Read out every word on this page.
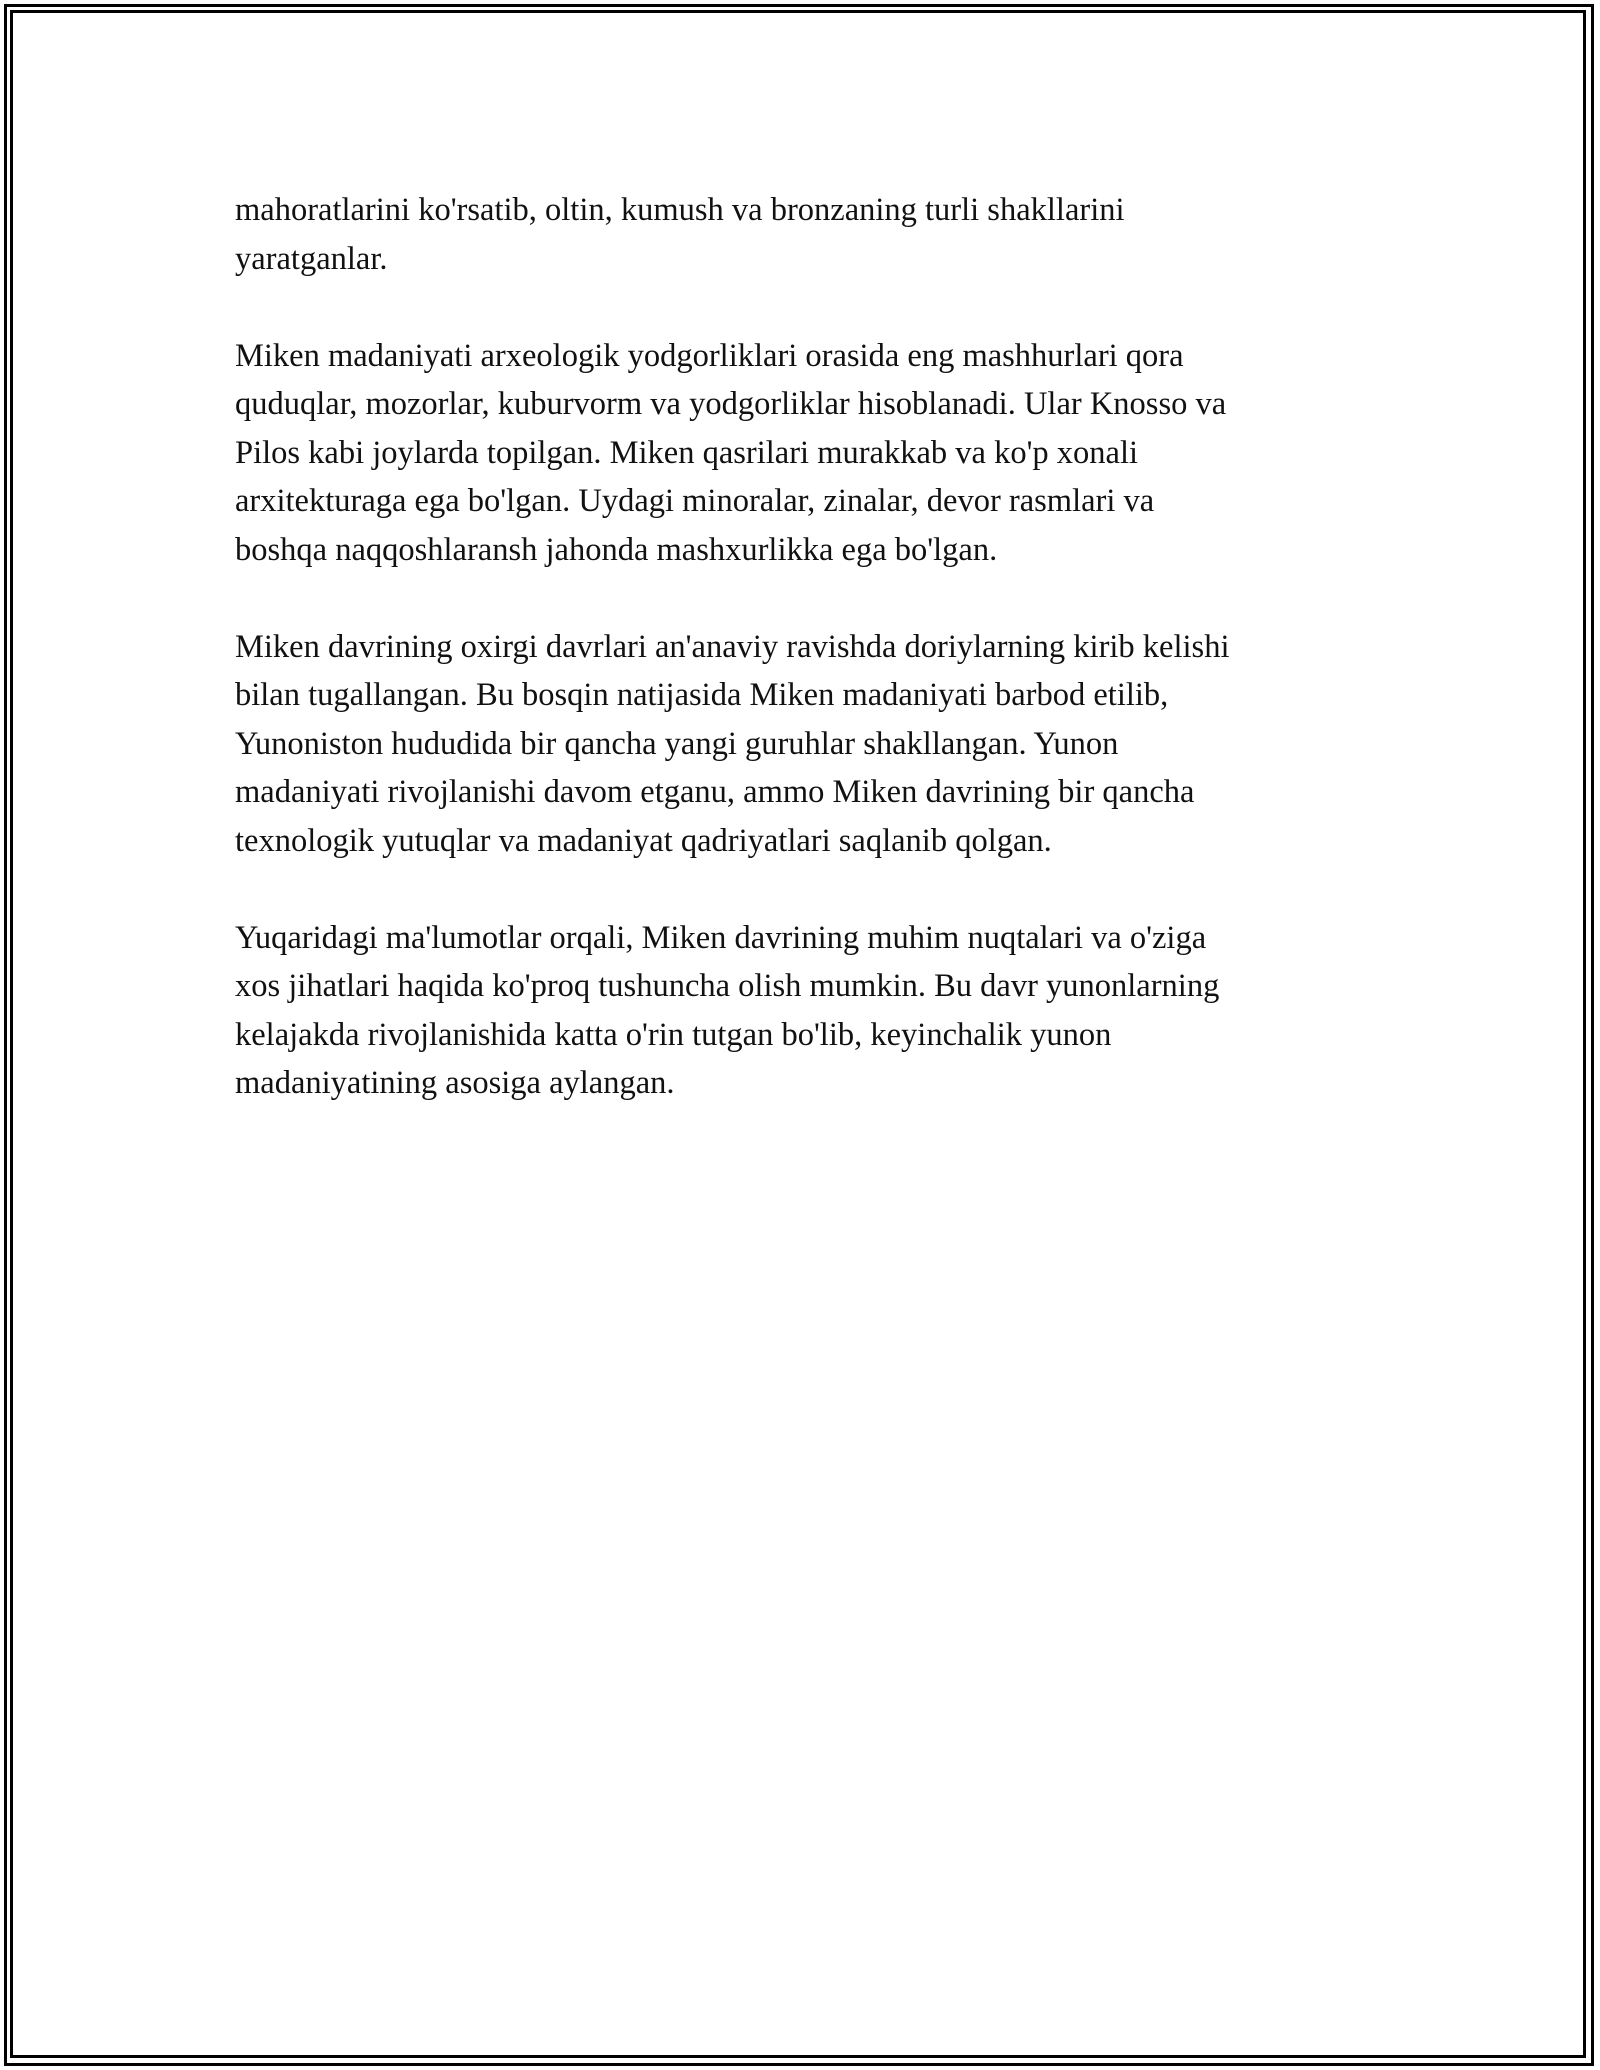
mahoratlarini ko'rsatib, oltin, kumush va bronzaning turli shakllarini
yaratganlar.

Miken madaniyati arxeologik yodgorliklari orasida eng mashhurlari qora
quduqlar, mozorlar, kuburvorm va yodgorliklar hisoblanadi. Ular Knosso va
Pilos kabi joylarda topilgan. Miken qasrilari murakkab va ko'p xonali
arxitekturaga ega bo'lgan. Uydagi minoralar, zinalar, devor rasmlari va
boshqa naqqoshlaransh jahonda mashxurlikka ega bo'lgan.

Miken davrining oxirgi davrlari an'anaviy ravishda doriylarning kirib kelishi
bilan tugallangan. Bu bosqin natijasida Miken madaniyati barbod etilib,
Yunoniston hududida bir qancha yangi guruhlar shakllangan. Yunon
madaniyati rivojlanishi davom etganu, ammo Miken davrining bir qancha
texnologik yutuqlar va madaniyat qadriyatlari saqlanib qolgan.

Yuqaridagi ma'lumotlar orqali, Miken davrining muhim nuqtalari va o'ziga
xos jihatlari haqida ko'proq tushuncha olish mumkin. Bu davr yunonlarning
kelajakda rivojlanishida katta o'rin tutgan bo'lib, keyinchalik yunon
madaniyatining asosiga aylangan.
